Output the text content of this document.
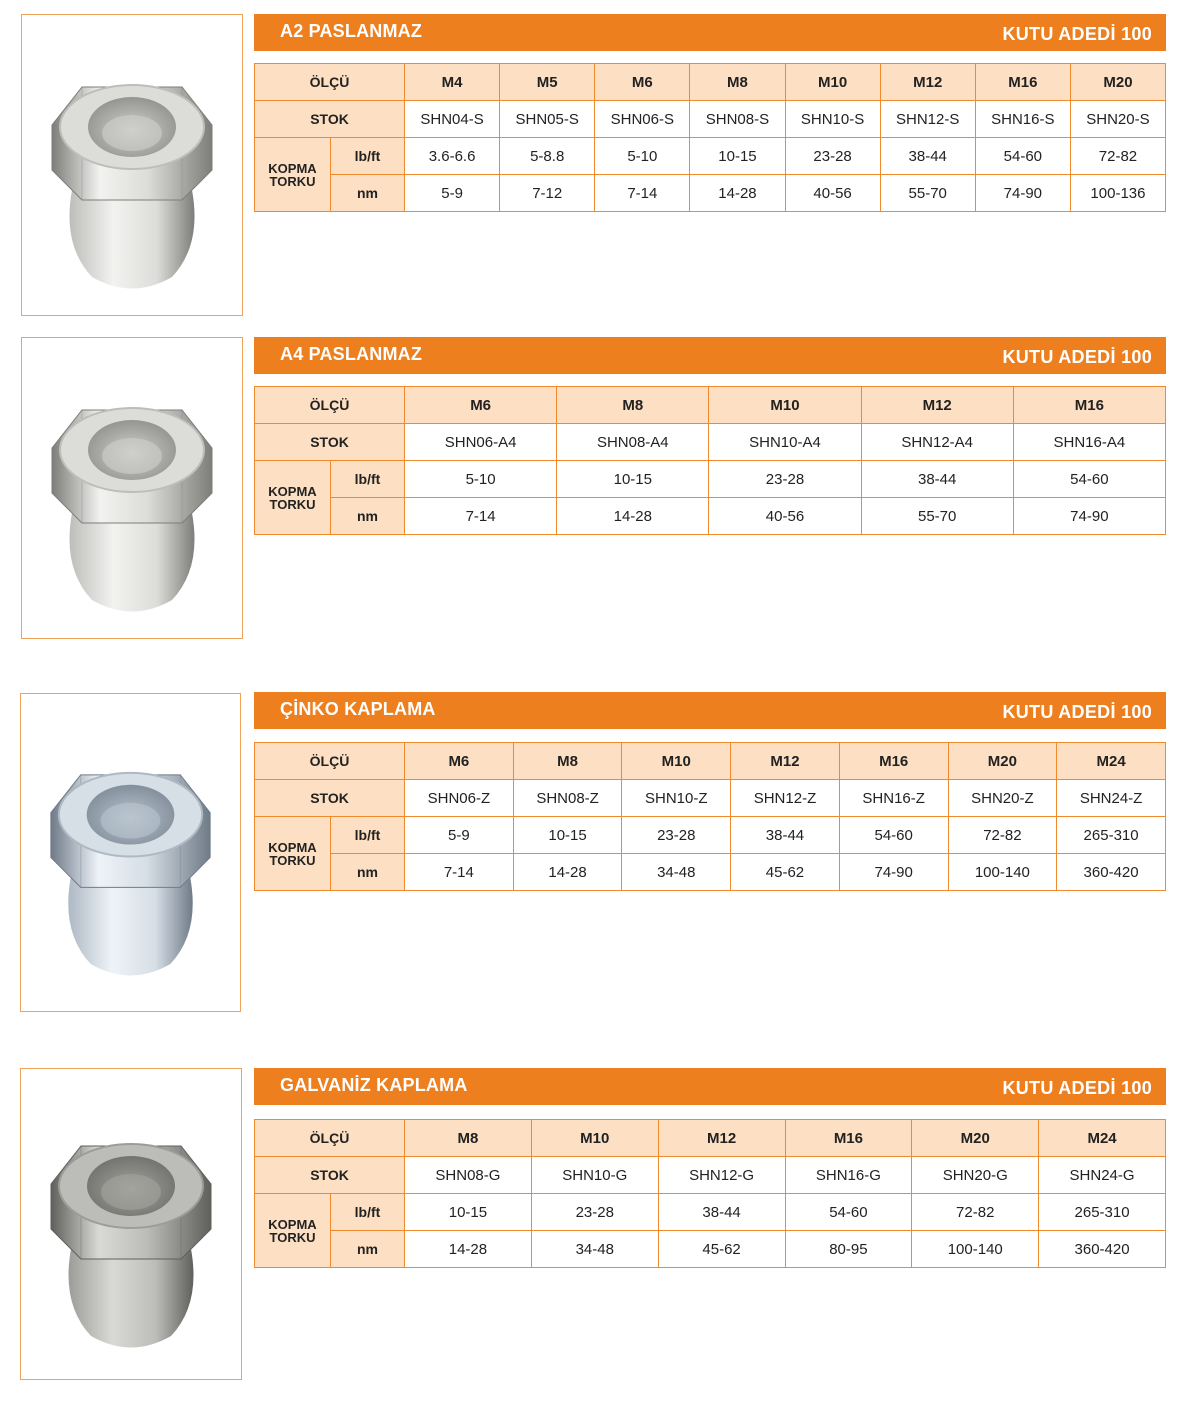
A2 PASLANMAZ	KUTU ADEDİ 100
ÖLÇÜ		M4	M5	M6	M8	M10	M12	M16	M20
STOK		SHN04-S	SHN05-S	SHN06-S	SHN08-S	SHN10-S	SHN12-S	SHN16-S	SHN20-S

KOPMA
TORKU	lb/ft	3.6-6.6	5-8.8	5-10	10-15	23-28	38-44	54-60	72-82
	nm	5-9	7-12	7-14	14-28	40-56	55-70	74-90	100-136
A4 PASLANMAZ	KUTU ADEDİ 100
ÖLÇÜ		M6	M8	M10	M12	M16
STOK		SHN06-A4	SHN08-A4	SHN10-A4	SHN12-A4	SHN16-A4

KOPMA
TORKU	lb/ft	5-10	10-15	23-28	38-44	54-60
	nm	7-14	14-28	40-56	55-70	74-90
ÇİNKO KAPLAMA	KUTU ADEDİ 100
ÖLÇÜ		M6	M8	M10	M12	M16	M20	M24
STOK		SHN06-Z	SHN08-Z	SHN10-Z	SHN12-Z	SHN16-Z	SHN20-Z	SHN24-Z

KOPMA
TORKU	lb/ft	5-9	10-15	23-28	38-44	54-60	72-82	265-310
	nm	7-14	14-28	34-48	45-62	74-90	100-140	360-420
GALVANİZ KAPLAMA	KUTU ADEDİ 100
ÖLÇÜ		M8	M10	M12	M16	M20	M24
STOK		SHN08-G	SHN10-G	SHN12-G	SHN16-G	SHN20-G	SHN24-G

KOPMA
TORKU	lb/ft	10-15	23-28	38-44	54-60	72-82	265-310
	nm	14-28	34-48	45-62	80-95	100-140	360-420
